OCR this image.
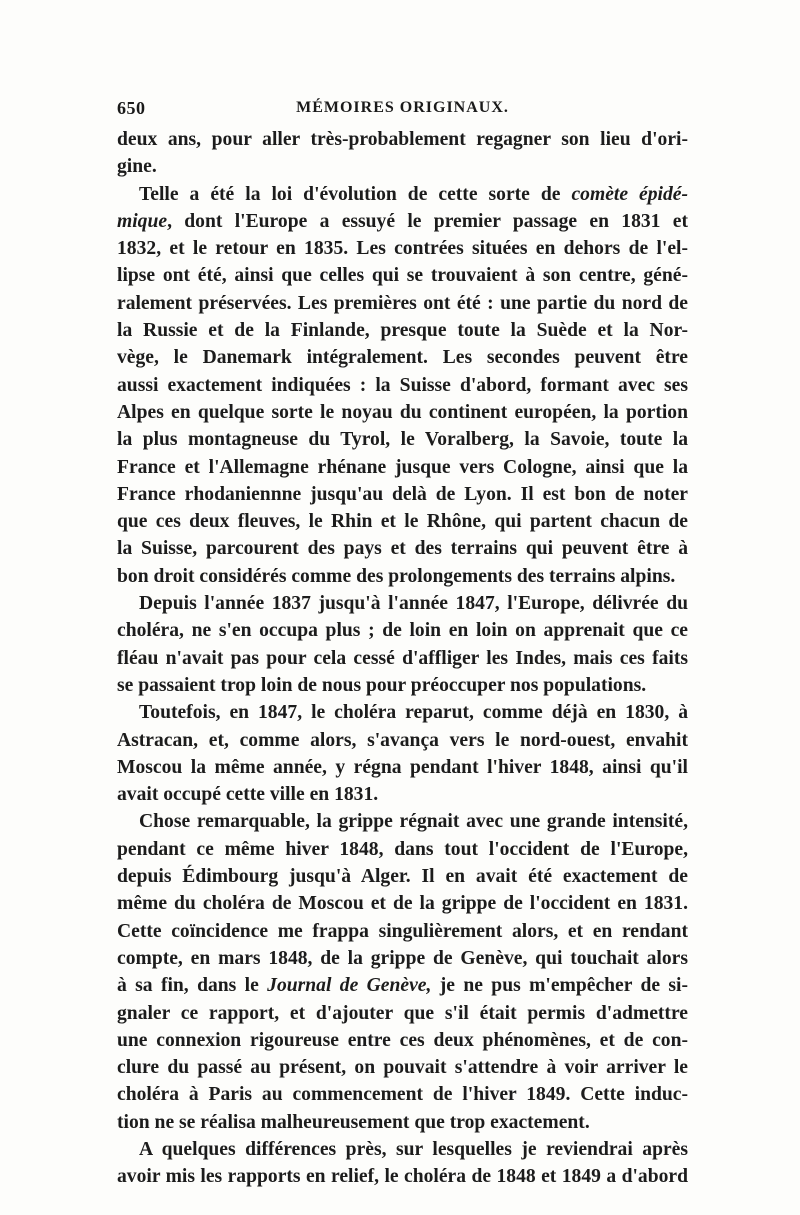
650	MÉMOIRES ORIGINAUX.
deux ans, pour aller très-probablement regagner son lieu d'ori-
gine.
Telle a été la loi d'évolution de cette sorte de comète épidé-
mique, dont l'Europe a essuyé le premier passage en 1831 et
1832, et le retour en 1835. Les contrées situées en dehors de l'el-
lipse ont été, ainsi que celles qui se trouvaient à son centre, géné-
ralement préservées. Les premières ont été : une partie du nord de
la Russie et de la Finlande, presque toute la Suède et la Nor-
vège, le Danemark intégralement. Les secondes peuvent être
aussi exactement indiquées : la Suisse d'abord, formant avec ses
Alpes en quelque sorte le noyau du continent européen, la portion
la plus montagneuse du Tyrol, le Voralberg, la Savoie, toute la
France et l'Allemagne rhénane jusque vers Cologne, ainsi que la
France rhodaniennne jusqu'au delà de Lyon. Il est bon de noter
que ces deux fleuves, le Rhin et le Rhône, qui partent chacun de
la Suisse, parcourent des pays et des terrains qui peuvent être à
bon droit considérés comme des prolongements des terrains alpins.
Depuis l'année 1837 jusqu'à l'année 1847, l'Europe, délivrée du
choléra, ne s'en occupa plus ; de loin en loin on apprenait que ce
fléau n'avait pas pour cela cessé d'affliger les Indes, mais ces faits
se passaient trop loin de nous pour préoccuper nos populations.
Toutefois, en 1847, le choléra reparut, comme déjà en 1830, à
Astracan, et, comme alors, s'avança vers le nord-ouest, envahit
Moscou la même année, y régna pendant l'hiver 1848, ainsi qu'il
avait occupé cette ville en 1831.
Chose remarquable, la grippe régnait avec une grande intensité,
pendant ce même hiver 1848, dans tout l'occident de l'Europe,
depuis Édimbourg jusqu'à Alger. Il en avait été exactement de
même du choléra de Moscou et de la grippe de l'occident en 1831.
Cette coïncidence me frappa singulièrement alors, et en rendant
compte, en mars 1848, de la grippe de Genève, qui touchait alors
à sa fin, dans le Journal de Genève, je ne pus m'empêcher de si-
gnaler ce rapport, et d'ajouter que s'il était permis d'admettre
une connexion rigoureuse entre ces deux phénomènes, et de con-
clure du passé au présent, on pouvait s'attendre à voir arriver le
choléra à Paris au commencement de l'hiver 1849. Cette induc-
tion ne se réalisa malheureusement que trop exactement.
A quelques différences près, sur lesquelles je reviendrai après
avoir mis les rapports en relief, le choléra de 1848 et 1849 a d'abord
